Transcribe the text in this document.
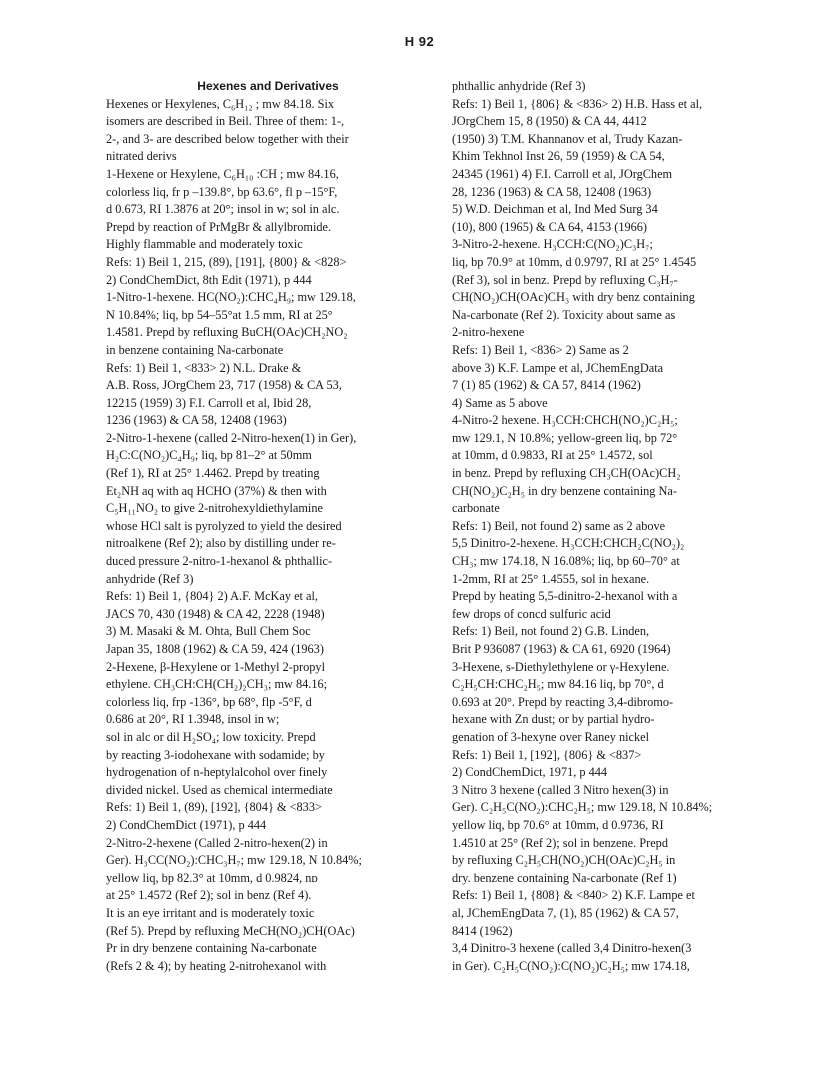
H 92

Hexenes and Derivatives

Hexenes or Hexylenes, C₆H₁₂ ; mw 84.18. Six

isomers are described in Beil. Three of them: 1-,

2-, and 3- are described below together with their

nitrated derivs

1-Hexene or Hexylene, C₆H₁₀ :CH ; mw 84.16,

colorless liq, fr p –139.8°, bp 63.6°, fl p –15°F,

d 0.673, RI 1.3876 at 20°; insol in w; sol in alc.

Prepd by reaction of PrMgBr & allylbromide.

Highly flammable and moderately toxic

Refs: 1) Beil 1, 215, (89), [191], {800} & <828>

2) CondChemDict, 8th Edit (1971), p 444

1-Nitro-1-hexene. HC(NO₂):CHC₄H₉; mw 129.18,

N 10.84%; liq, bp 54–55°at 1.5 mm, RI at 25°

1.4581. Prepd by refluxing BuCH(OAc)CH₂NO₂

in benzene containing Na-carbonate

Refs: 1) Beil 1, <833> 2) N.L. Drake &

A.B. Ross, JOrgChem 23, 717 (1958) & CA 53,

12215 (1959) 3) F.I. Carroll et al, Ibid 28,

1236 (1963) & CA 58, 12408 (1963)

2-Nitro-1-hexene (called 2-Nitro-hexen(1) in Ger),

H₂C:C(NO₂)C₄H₉; liq, bp 81–2° at 50mm

(Ref 1), RI at 25° 1.4462. Prepd by treating

Et₂NH aq with aq HCHO (37%) & then with

C₅H₁₁NO₂ to give 2-nitrohexyldiethylamine

whose HCl salt is pyrolyzed to yield the desired

nitroalkene (Ref 2); also by distilling under re-

duced pressure 2-nitro-1-hexanol & phthallic-

anhydride (Ref 3)

Refs: 1) Beil 1, {804} 2) A.F. McKay et al,

JACS 70, 430 (1948) & CA 42, 2228 (1948)

3) M. Masaki & M. Ohta, Bull Chem Soc

Japan 35, 1808 (1962) & CA 59, 424 (1963)

2-Hexene, β-Hexylene or 1-Methyl 2-propyl

ethylene. CH₃CH:CH(CH₂)₂CH₃; mw 84.16;

colorless liq, frp -136°, bp 68°, flp -5°F, d

0.686 at 20°, RI 1.3948, insol in w;

sol in alc or dil H₂SO₄; low toxicity. Prepd

by reacting 3-iodohexane with sodamide; by

hydrogenation of n-heptylalcohol over finely

divided nickel. Used as chemical intermediate

Refs: 1) Beil 1, (89), [192], {804} & <833>

2) CondChemDict (1971), p 444

2-Nitro-2-hexene (Called 2-nitro-hexen(2) in

Ger). H₃CC(NO₂):CHC₃H₇; mw 129.18, N 10.84%;

yellow liq, bp 82.3° at 10mm, d 0.9824, nᴅ

at 25° 1.4572 (Ref 2); sol in benz (Ref 4).

It is an eye irritant and is moderately toxic

(Ref 5). Prepd by refluxing MeCH(NO₂)CH(OAc)

Pr in dry benzene containing Na-carbonate

(Refs 2 & 4); by heating 2-nitrohexanol with

phthallic anhydride (Ref 3)

Refs: 1) Beil 1, {806} & <836> 2) H.B. Hass et al,

JOrgChem 15, 8 (1950) & CA 44, 4412

(1950) 3) T.M. Khannanov et al, Trudy Kazan-

Khim Tekhnol Inst 26, 59 (1959) & CA 54,

24345 (1961) 4) F.I. Carroll et al, JOrgChem

28, 1236 (1963) & CA 58, 12408 (1963)

5) W.D. Deichman et al, Ind Med Surg 34

(10), 800 (1965) & CA 64, 4153 (1966)

3-Nitro-2-hexene. H₃CCH:C(NO₂)C₃H₇;

liq, bp 70.9° at 10mm, d 0.9797, RI at 25° 1.4545

(Ref 3), sol in benz. Prepd by refluxing C₃H₇-

CH(NO₂)CH(OAc)CH₃ with dry benz containing

Na-carbonate (Ref 2). Toxicity about same as

2-nitro-hexene

Refs: 1) Beil 1, <836> 2) Same as 2

above 3) K.F. Lampe et al, JChemEngData

7 (1) 85 (1962) & CA 57, 8414 (1962)

4) Same as 5 above

4-Nitro-2 hexene. H₃CCH:CHCH(NO₂)C₂H₅;

mw 129.1, N 10.8%; yellow-green liq, bp 72°

at 10mm, d 0.9833, RI at 25° 1.4572, sol

in benz. Prepd by refluxing CH₃CH(OAc)CH₂

CH(NO₂)C₂H₅ in dry benzene containing Na-

carbonate

Refs: 1) Beil, not found 2) same as 2 above

5,5 Dinitro-2-hexene. H₃CCH:CHCH₂C(NO₂)₂

CH₃; mw 174.18, N 16.08%; liq, bp 60–70° at

1-2mm, RI at 25° 1.4555, sol in hexane.

Prepd by heating 5,5-dinitro-2-hexanol with a

few drops of concd sulfuric acid

Refs: 1) Beil, not found 2) G.B. Linden,

Brit P 936087 (1963) & CA 61, 6920 (1964)

3-Hexene, s-Diethylethylene or γ-Hexylene.

C₂H₅CH:CHC₂H₅; mw 84.16 liq, bp 70°, d

0.693 at 20°. Prepd by reacting 3,4-dibromo-

hexane with Zn dust; or by partial hydro-

genation of 3-hexyne over Raney nickel

Refs: 1) Beil 1, [192], {806} & <837>

2) CondChemDict, 1971, p 444

3 Nitro 3 hexene (called 3 Nitro hexen(3) in

Ger). C₂H₅C(NO₂):CHC₂H₅; mw 129.18, N 10.84%;

yellow liq, bp 70.6° at 10mm, d 0.9736, RI

1.4510 at 25° (Ref 2); sol in benzene. Prepd

by refluxing C₂H₅CH(NO₂)CH(OAc)C₂H₅ in

dry. benzene containing Na-carbonate (Ref 1)

Refs: 1) Beil 1, {808} & <840> 2) K.F. Lampe et

al, JChemEngData 7, (1), 85 (1962) & CA 57,

8414 (1962)

3,4 Dinitro-3 hexene (called 3,4 Dinitro-hexen(3

in Ger). C₂H₅C(NO₂):C(NO₂)C₂H₅; mw 174.18,
